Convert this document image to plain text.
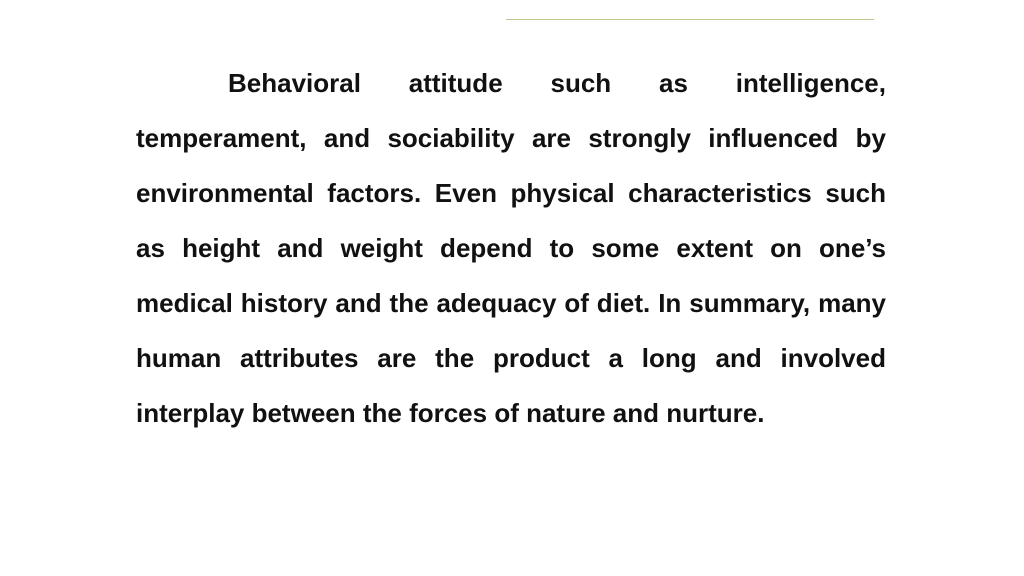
Behavioral attitude such as intelligence, temperament, and sociability are strongly influenced by environmental factors. Even physical characteristics such as height and weight depend to some extent on one’s medical history and the adequacy of diet. In summary, many human attributes are the product a long and involved interplay between the forces of nature and nurture.
